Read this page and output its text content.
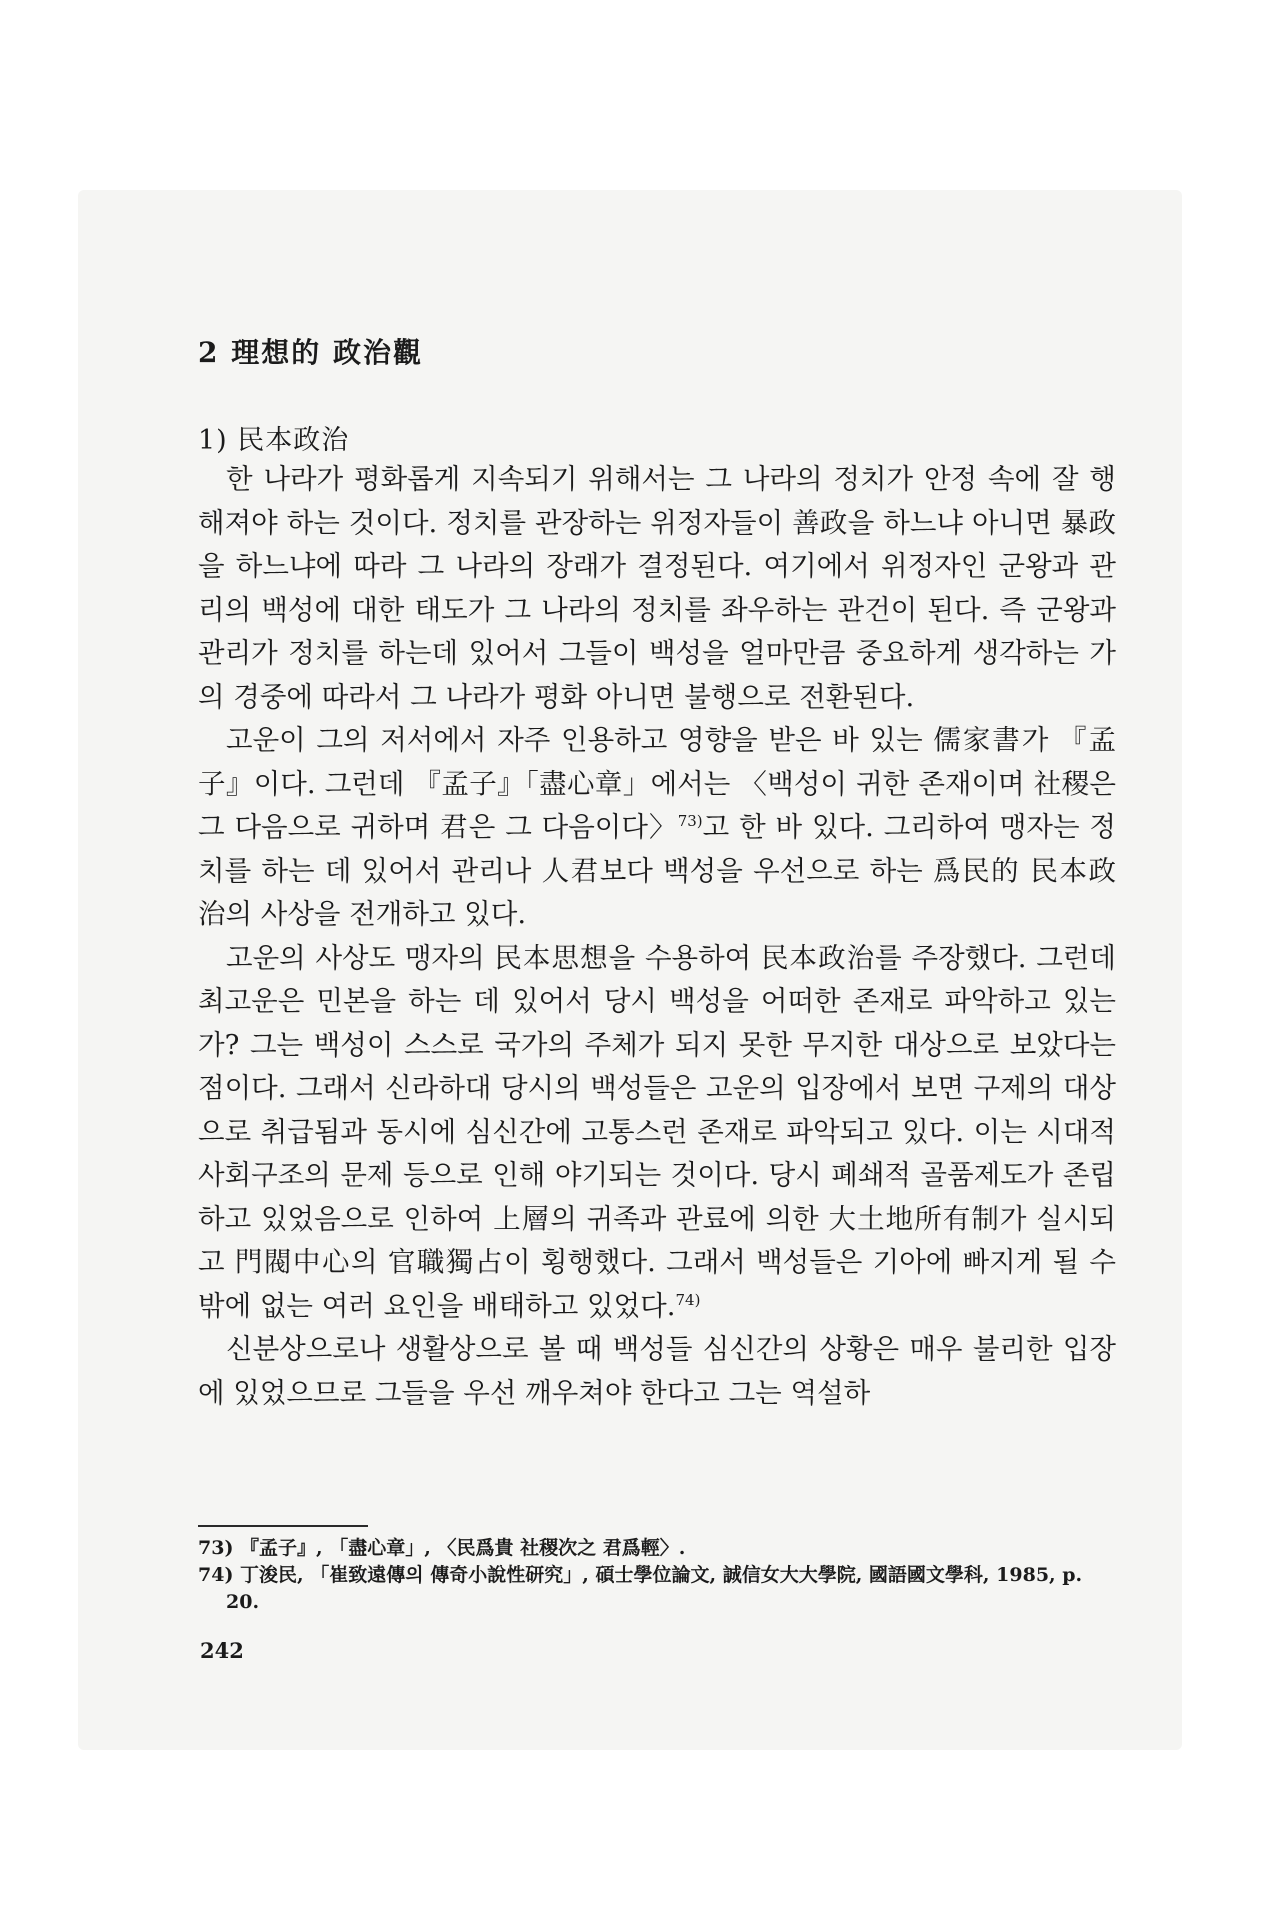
2 理想的 政治觀
1) 民本政治

한 나라가 평화롭게 지속되기 위해서는 그 나라의 정치가 안정 속에 잘 행해져야 하는 것이다. 정치를 관장하는 위정자들이 善政을 하느냐 아니면 暴政을 하느냐에 따라 그 나라의 장래가 결정된다. 여기에서 위정자인 군왕과 관리의 백성에 대한 태도가 그 나라의 정치를 좌우하는 관건이 된다. 즉 군왕과 관리가 정치를 하는데 있어서 그들이 백성을 얼마만큼 중요하게 생각하는 가의 경중에 따라서 그 나라가 평화 아니면 불행으로 전환된다.

고운이 그의 저서에서 자주 인용하고 영향을 받은 바 있는 儒家書가 『孟子』이다. 그런데 『孟子』「盡心章」에서는 〈백성이 귀한 존재이며 社稷은 그 다음으로 귀하며 君은 그 다음이다〉$^{73)}$고 한 바 있다. 그리하여 맹자는 정치를 하는 데 있어서 관리나 人君보다 백성을 우선으로 하는 爲民的 民本政治의 사상을 전개하고 있다.

고운의 사상도 맹자의 民本思想을 수용하여 民本政治를 주장했다. 그런데 최고운은 민본을 하는 데 있어서 당시 백성을 어떠한 존재로 파악하고 있는가? 그는 백성이 스스로 국가의 주체가 되지 못한 무지한 대상으로 보았다는 점이다. 그래서 신라하대 당시의 백성들은 고운의 입장에서 보면 구제의 대상으로 취급됨과 동시에 심신간에 고통스런 존재로 파악되고 있다. 이는 시대적 사회구조의 문제 등으로 인해 야기되는 것이다. 당시 폐쇄적 골품제도가 존립하고 있었음으로 인하여 上層의 귀족과 관료에 의한 大土地所有制가 실시되고 門閥中心의 官職獨占이 횡행했다. 그래서 백성들은 기아에 빠지게 될 수밖에 없는 여러 요인을 배태하고 있었다.$^{74)}$

신분상으로나 생활상으로 볼 때 백성들 심신간의 상황은 매우 불리한 입장에 있었으므로 그들을 우선 깨우쳐야 한다고 그는 역설하

73) 『孟子』, 「盡心章」, 〈民爲貴 社稷次之 君爲輕〉.

74) 丁浚民, 「崔致遠傳의 傳奇小說性研究」, 碩士學位論文, 誠信女大大學院, 國語國文學科, 1985, p. 20.

242
